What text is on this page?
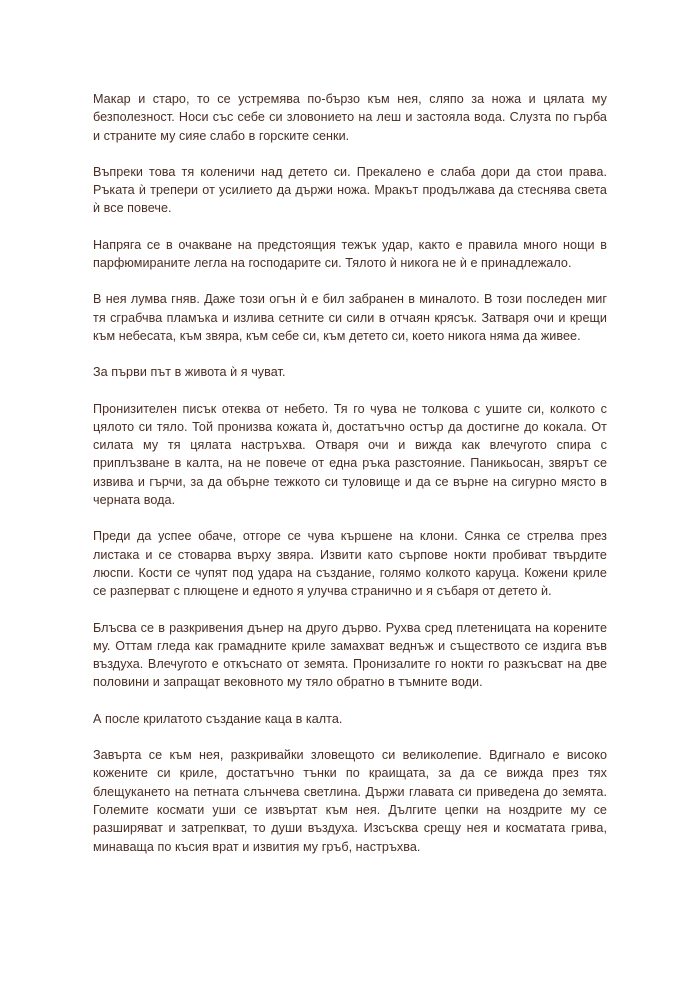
Макар и старо, то се устремява по-бързо към нея, сляпо за ножа и цялата му безполезност. Носи със себе си зловонието на леш и застояла вода. Слузта по гърба и страните му сияе слабо в горските сенки.

Въпреки това тя коленичи над детето си. Прекалено е слаба дори да стои права. Ръката ѝ трепери от усилието да държи ножа. Мракът продължава да стеснява света ѝ все повече.

Напряга се в очакване на предстоящия тежък удар, както е правила много нощи в парфюмираните легла на господарите си. Тялото ѝ никога не ѝ е принадлежало.

В нея лумва гняв. Даже този огън ѝ е бил забранен в миналото. В този последен миг тя сграбчва пламъка и излива сетните си сили в отчаян крясък. Затваря очи и крещи към небесата, към звяра, към себе си, към детето си, което никога няма да живее.

За първи път в живота ѝ я чуват.

Пронизителен писък отеква от небето. Тя го чува не толкова с ушите си, колкото с цялото си тяло. Той пронизва кожата ѝ, достатъчно остър да достигне до кокала. От силата му тя цялата настръхва. Отваря очи и вижда как влечугото спира с приплъзване в калта, на не повече от една ръка разстояние. Паникьосан, звярът се извива и гърчи, за да обърне тежкото си туловище и да се върне на сигурно място в черната вода.

Преди да успее обаче, отгоре се чува кършене на клони. Сянка се стрелва през листака и се стоварва върху звяра. Извити като сърпове нокти пробиват твърдите люспи. Кости се чупят под удара на създание, голямо колкото каруца. Кожени криле се разперват с плющене и едното я улучва странично и я събаря от детето ѝ.

Блъсва се в разкривения дънер на друго дърво. Рухва сред плетеницата на корените му. Оттам гледа как грамадните криле замахват веднъж и съществото се издига във въздуха. Влечугото е откъснато от земята. Пронизалите го нокти го разкъсват на две половини и запращат вековното му тяло обратно в тъмните води.

А после крилатото създание каца в калта.

Завърта се към нея, разкривайки зловещото си великолепие. Вдигнало е високо кожените си криле, достатъчно тънки по краищата, за да се вижда през тях блещукането на петната слънчева светлина. Държи главата си приведена до земята. Големите космати уши се извъртат към нея. Дългите цепки на ноздрите му се разширяват и затрепкват, то души въздуха. Изсъсква срещу нея и косматата грива, минаваща по късия врат и извития му гръб, настръхва.
